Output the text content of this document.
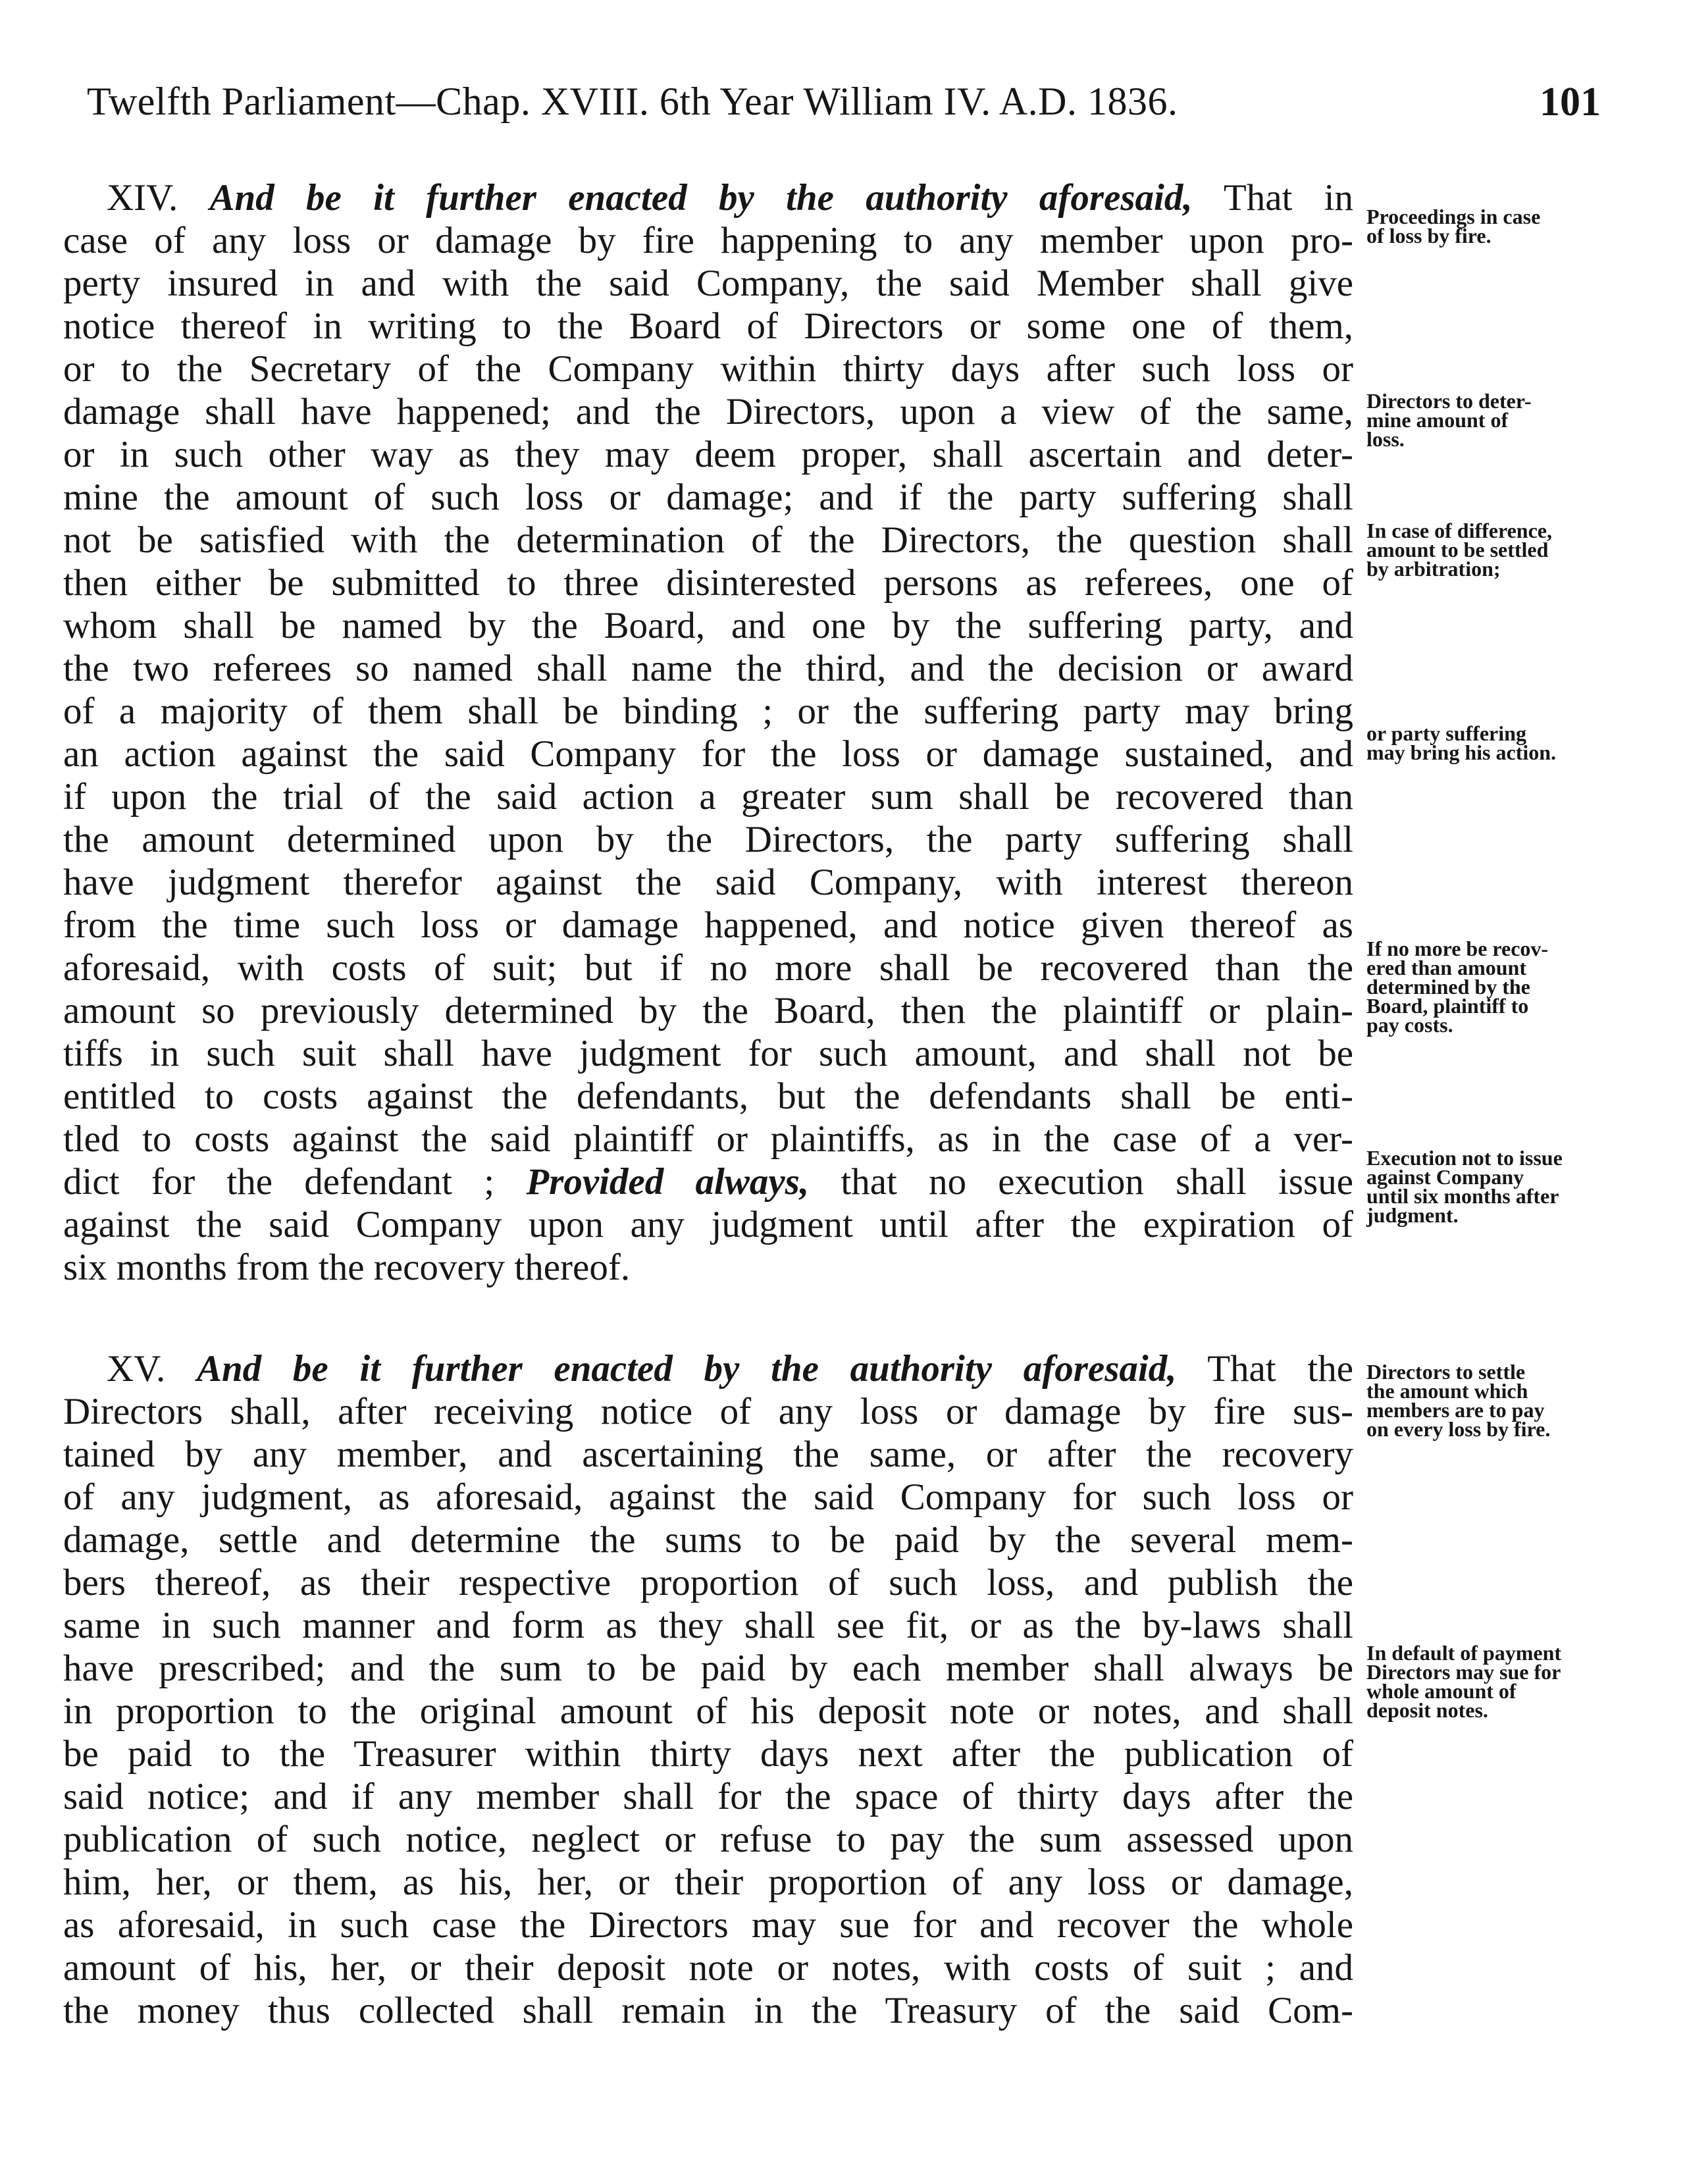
Twelfth Parliament—Chap. XVIII. 6th Year William IV. A.D. 1836.	101
XIV. And be it further enacted by the authority aforesaid, That in
case of any loss or damage by fire happening to any member upon pro-
perty insured in and with the said Company, the said Member shall give
notice thereof in writing to the Board of Directors or some one of them,
or to the Secretary of the Company within thirty days after such loss or
damage shall have happened; and the Directors, upon a view of the same,
or in such other way as they may deem proper, shall ascertain and deter-
mine the amount of such loss or damage; and if the party suffering shall
not be satisfied with the determination of the Directors, the question shall
then either be submitted to three disinterested persons as referees, one of
whom shall be named by the Board, and one by the suffering party, and
the two referees so named shall name the third, and the decision or award
of a majority of them shall be binding ; or the suffering party may bring
an action against the said Company for the loss or damage sustained, and
if upon the trial of the said action a greater sum shall be recovered than
the amount determined upon by the Directors, the party suffering shall
have judgment therefor against the said Company, with interest thereon
from the time such loss or damage happened, and notice given thereof as
aforesaid, with costs of suit; but if no more shall be recovered than the
amount so previously determined by the Board, then the plaintiff or plain-
tiffs in such suit shall have judgment for such amount, and shall not be
entitled to costs against the defendants, but the defendants shall be enti-
tled to costs against the said plaintiff or plaintiffs, as in the case of a ver-
dict for the defendant ; Provided always, that no execution shall issue
against the said Company upon any judgment until after the expiration of
six months from the recovery thereof.
Proceedings in case
of loss by fire.
Directors to deter-
mine amount of
loss.
In case of difference,
amount to be settled
by arbitration;
or party suffering
may bring his action.
If no more be recov-
ered than amount
determined by the
Board, plaintiff to
pay costs.
Execution not to issue
against Company
until six months after
judgment.
XV. And be it further enacted by the authority aforesaid, That the
Directors shall, after receiving notice of any loss or damage by fire sus-
tained by any member, and ascertaining the same, or after the recovery
of any judgment, as aforesaid, against the said Company for such loss or
damage, settle and determine the sums to be paid by the several mem-
bers thereof, as their respective proportion of such loss, and publish the
same in such manner and form as they shall see fit, or as the by-laws shall
have prescribed; and the sum to be paid by each member shall always be
in proportion to the original amount of his deposit note or notes, and shall
be paid to the Treasurer within thirty days next after the publication of
said notice; and if any member shall for the space of thirty days after the
publication of such notice, neglect or refuse to pay the sum assessed upon
him, her, or them, as his, her, or their proportion of any loss or damage,
as aforesaid, in such case the Directors may sue for and recover the whole
amount of his, her, or their deposit note or notes, with costs of suit ; and
the money thus collected shall remain in the Treasury of the said Com-
Directors to settle
the amount which
members are to pay
on every loss by fire.
In default of payment
Directors may sue for
whole amount of
deposit notes.
